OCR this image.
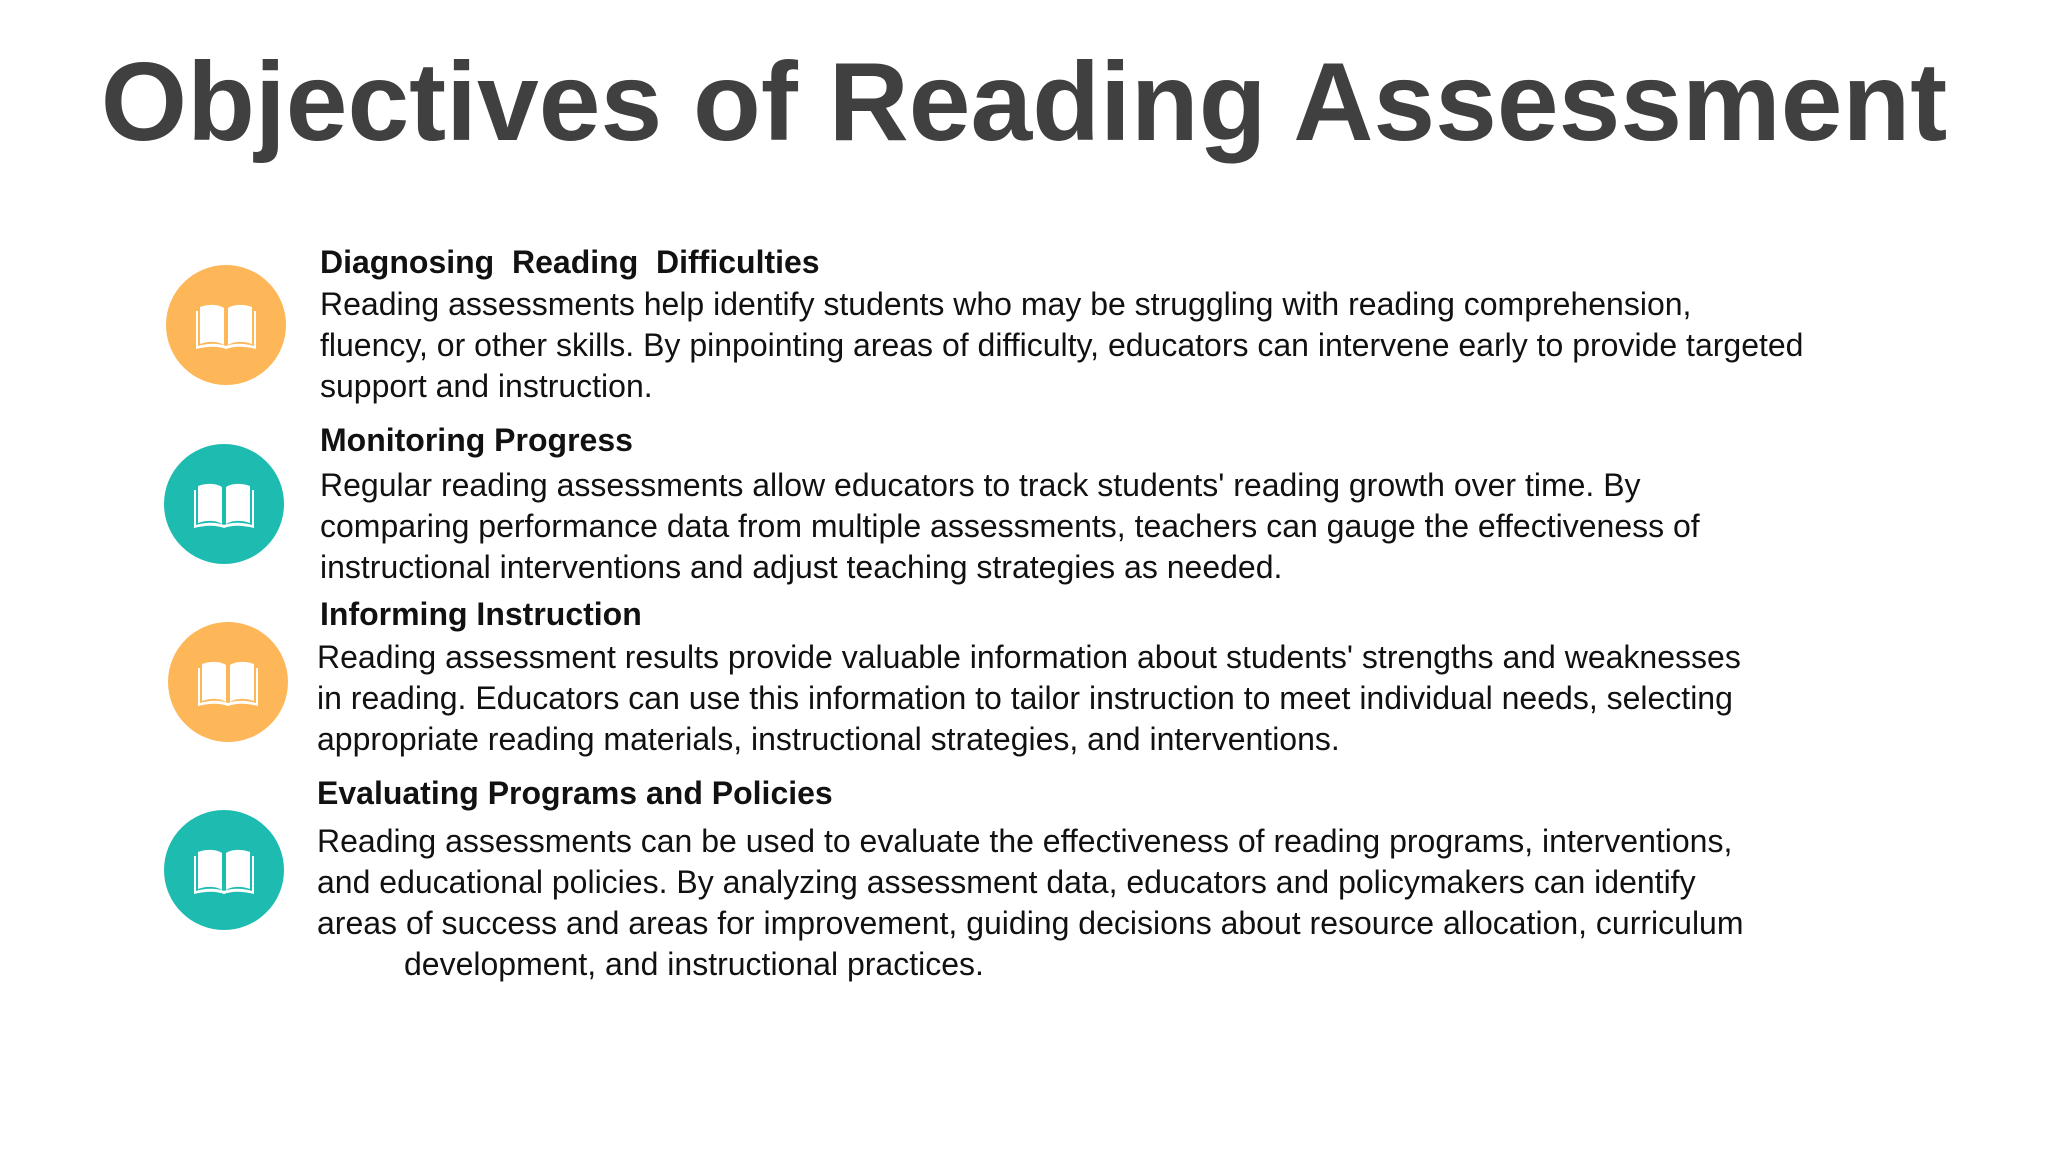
Objectives of Reading Assessment
Diagnosing  Reading  Difficulties
Reading assessments help identify students who may be struggling with reading comprehension,
fluency, or other skills. By pinpointing areas of difficulty, educators can intervene early to provide targeted
support and instruction.
Monitoring Progress
Regular reading assessments allow educators to track students' reading growth over time. By
comparing performance data from multiple assessments, teachers can gauge the effectiveness of
instructional interventions and adjust teaching strategies as needed.
Informing Instruction
Reading assessment results provide valuable information about students' strengths and weaknesses
in reading. Educators can use this information to tailor instruction to meet individual needs, selecting
appropriate reading materials, instructional strategies, and interventions.
Evaluating Programs and Policies
Reading assessments can be used to evaluate the effectiveness of reading programs, interventions,
and educational policies. By analyzing assessment data, educators and policymakers can identify
areas of success and areas for improvement, guiding decisions about resource allocation, curriculum
development, and instructional practices.
